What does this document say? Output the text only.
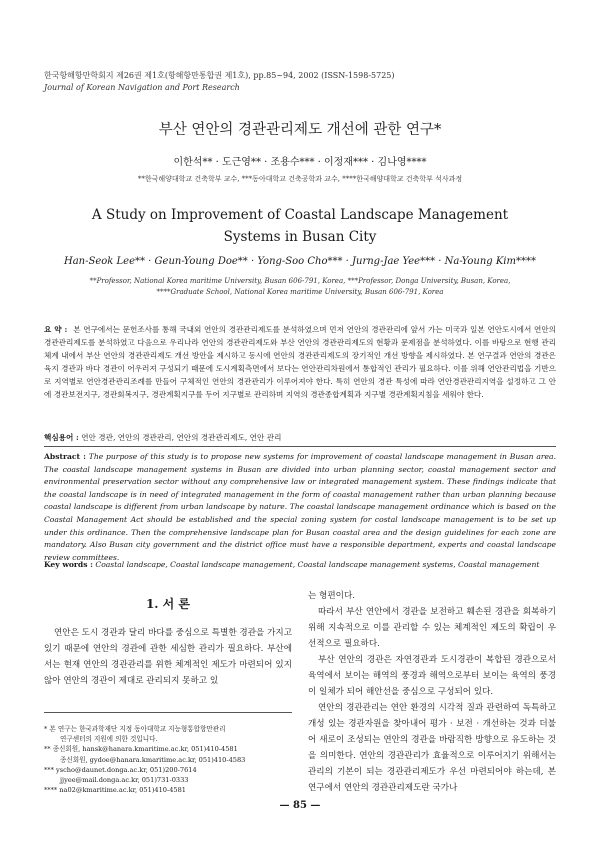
한국항해항만학회지 제26권 제1호(항해항만통합권 제1호), pp.85~94, 2002 (ISSN-1598-5725)
Journal of Korean Navigation and Port Research
부산 연안의 경관관리제도 개선에 관한 연구*
이한석** · 도근영** · 조용수*** · 이정재*** · 김나영****
**한국해양대학교 건축학부 교수, ***동아대학교 건축공학과 교수, ****한국해양대학교 건축학부 석사과정
A Study on Improvement of Coastal Landscape Management
Systems in Busan City
Han-Seok Lee** · Geun-Young Doe** · Yong-Soo Cho*** · Jurng-Jae Yee*** · Na-Young Kim****
**Professor, National Korea maritime University, Busan 606-791, Korea, ***Professor, Donga University, Busan, Korea,
****Graduate School, National Korea maritime University, Busan 606-791, Korea
요 약 : 본 연구에서는 문헌조사를 통해 국내외 연안의 경관관리제도를 분석하였으며 먼저 연안의 경관관리에 앞서 가는 미국과 일본 연안도시에서 연안의 경관관리제도를 분석하였고 다음으로 우리나라 연안의 경관관리제도와 부산 연안의 경관관리제도의 현황과 문제점을 분석하였다. 이를 바탕으로 현행 관리체계 내에서 부산 연안의 경관관리제도 개선 방안을 제시하고 동시에 연안의 경관관리제도의 장기적인 개선 방향을 제시하였다. 본 연구결과 연안의 경관은 육지 경관과 바다 경관이 어우러져 구성되기 때문에 도시계획측면에서 보다는 연안관리차원에서 통합적인 관리가 필요하다. 이를 위해 연안관리법을 기반으로 지역별로 연안경관관리조례를 만들어 구체적인 연안의 경관관리가 이루어져야 한다. 특히 연안의 경관 특성에 따라 연안경관관리지역을 설정하고 그 안에 경관보전지구, 경관회복지구, 경관계획지구를 두어 지구별로 관리하며 지역의 경관종합계획과 지구별 경관계획지침을 세워야 한다.
핵심용어 : 연안 경관, 연안의 경관관리, 연안의 경관관리제도, 연안 관리
Abstract : The purpose of this study is to propose new systems for improvement of coastal landscape management in Busan area. The coastal landscape management systems in Busan are divided into urban planning sector, coastal management sector and environmental preservation sector without any comprehensive law or integrated management system. These findings indicate that the coastal landscape is in need of integrated management in the form of coastal management rather than urban planning because coastal landscape is different from urban landscape by nature. The coastal landscape management ordinance which is based on the Coastal Management Act should be established and the special zoning system for costal landscape management is to be set up under this ordinance. Then the comprehensive landscape plan for Busan coastal area and the design guidelines for each zone are mandatory. Also Busan city government and the district office must have a responsible department, experts and coastal landscape review committees.
Key words : Coastal landscape, Coastal landscape management, Coastal landscape management systems, Coastal management
1. 서 론
연안은 도시 경관과 달리 바다를 중심으로 특별한 경관을 가지고 있기 때문에 연안의 경관에 관한 세심한 관리가 필요하다. 부산에서는 현재 연안의 경관관리를 위한 체계적인 제도가 마련되어 있지 않아 연안의 경관이 제대로 관리되지 못하고 있

는 형편이다.

따라서 부산 연안에서 경관을 보전하고 훼손된 경관을 회복하기 위해 지속적으로 이를 관리할 수 있는 체계적인 제도의 확립이 우선적으로 필요하다.

부산 연안의 경관은 자연경관과 도시경관이 복합된 경관으로서 육역에서 보이는 해역의 풍경과 해역으로부터 보이는 육역의 풍경이 일체가 되어 해안선을 중심으로 구성되어 있다.

연안의 경관관리는 연안 환경의 시각적 질과 관련하여 독특하고 개성 있는 경관자원을 찾아내어 평가 · 보전 · 개선하는 것과 더불어 새로이 조성되는 연안의 경관을 바람직한 방향으로 유도하는 것을 의미한다. 연안의 경관관리가 효율적으로 이루어지기 위해서는 관리의 기본이 되는 경관관리제도가 우선 마련되어야 하는데, 본 연구에서 연안의 경관관리제도란 국가나

* 본 연구는 한국과학재단 지정 동아대학교 지능형통합항만관리
연구센터의 지원에 의한 것입니다.
** 종신회원, hansk@hanara.kmaritime.ac.kr, 051)410-4581
종신회원, gydoe@hanara.kmaritime.ac.kr, 051)410-4583
*** yscho@daunet.donga.ac.kr, 051)200-7614
jjyee@mail.donga.ac.kr, 051)731-0333
**** na02@kmaritime.ac.kr, 051)410-4581
— 85 —
